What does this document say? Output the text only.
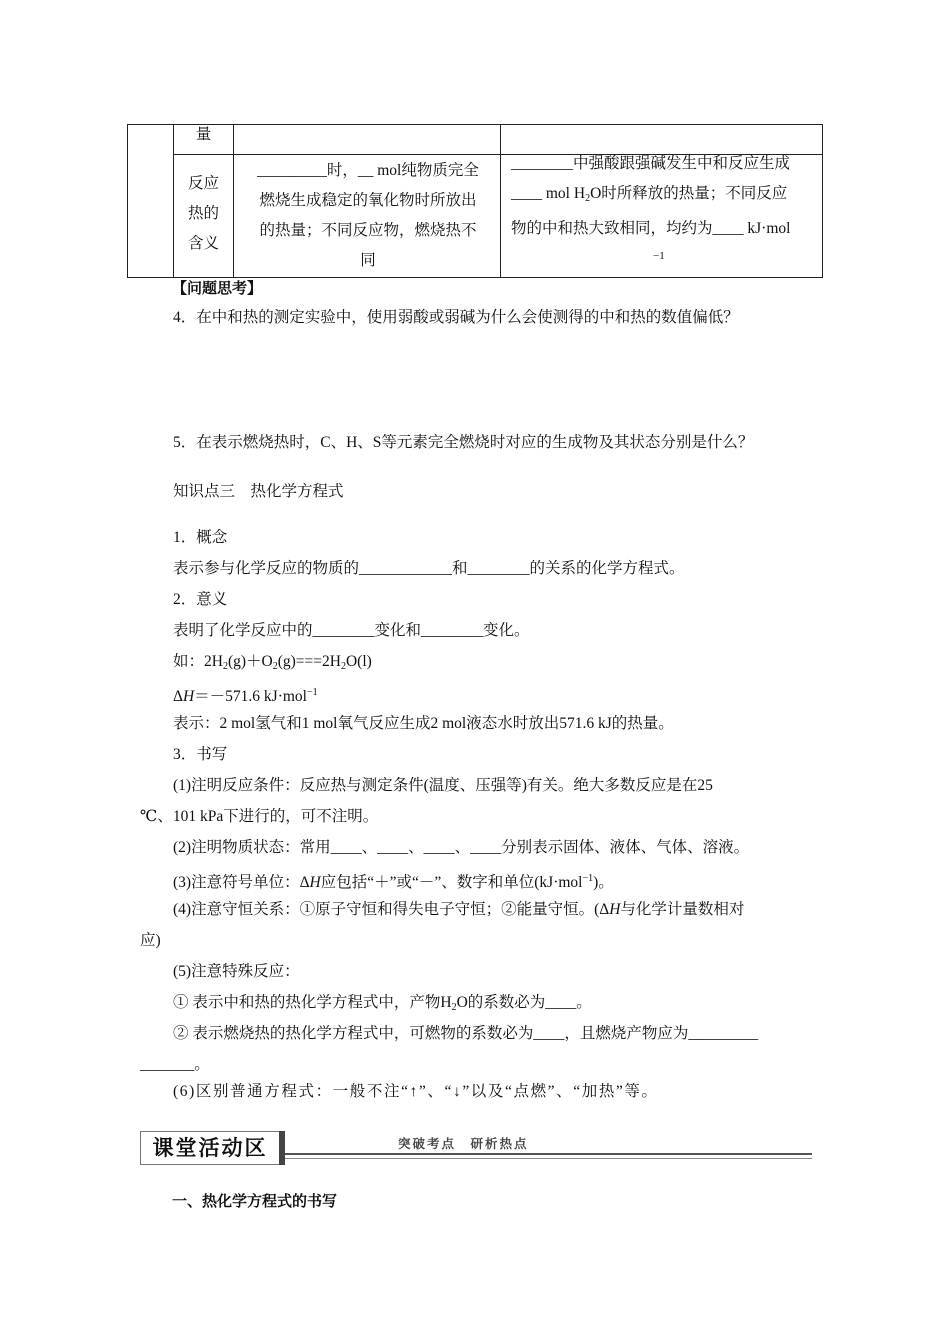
量
反应
热的
含义
_________时，__ mol纯物质完全
燃烧生成稳定的氧化物时所放出
的热量；不同反应物，燃烧热不
同
________中强酸跟强碱发生中和反应生成
____ mol $H_2O$时所释放的热量；不同反应
物的中和热大致相同，均约为____ kJ·mol
−1
【问题思考】
4．在中和热的测定实验中，使用弱酸或弱碱为什么会使测得的中和热的数值偏低？
5．在表示燃烧热时，C、H、S等元素完全燃烧时对应的生成物及其状态分别是什么？
知识点三　热化学方程式
1．概念
表示参与化学反应的物质的____________和________的关系的化学方程式。
2．意义
表明了化学反应中的________变化和________变化。
如：$2H_2(g)+O_2(g)===2H_2O(l)$
ΔH＝－571.6 kJ·mol$^{-1}$
表示：2 mol氢气和1 mol氧气反应生成2 mol液态水时放出571.6 kJ的热量。
3．书写
(1)注明反应条件：反应热与测定条件(温度、压强等)有关。绝大多数反应是在25
℃、101 kPa下进行的，可不注明。
(2)注明物质状态：常用____、____、____、____分别表示固体、液体、气体、溶液。
(3)注意符号单位：ΔH应包括“＋”或“－”、数字和单位(kJ·mol$^{-1}$)。
(4)注意守恒关系：①原子守恒和得失电子守恒；②能量守恒。(ΔH与化学计量数相对
应)
(5)注意特殊反应：
① 表示中和热的热化学方程式中，产物$H_2O$的系数必为____。
② 表示燃烧热的热化学方程式中，可燃物的系数必为____，且燃烧产物应为_________
_______。
(6)区别普通方程式：一般不注“↑”、“↓”以及“点燃”、“加热”等。
课堂活动区	突破考点　研析热点
一、热化学方程式的书写
